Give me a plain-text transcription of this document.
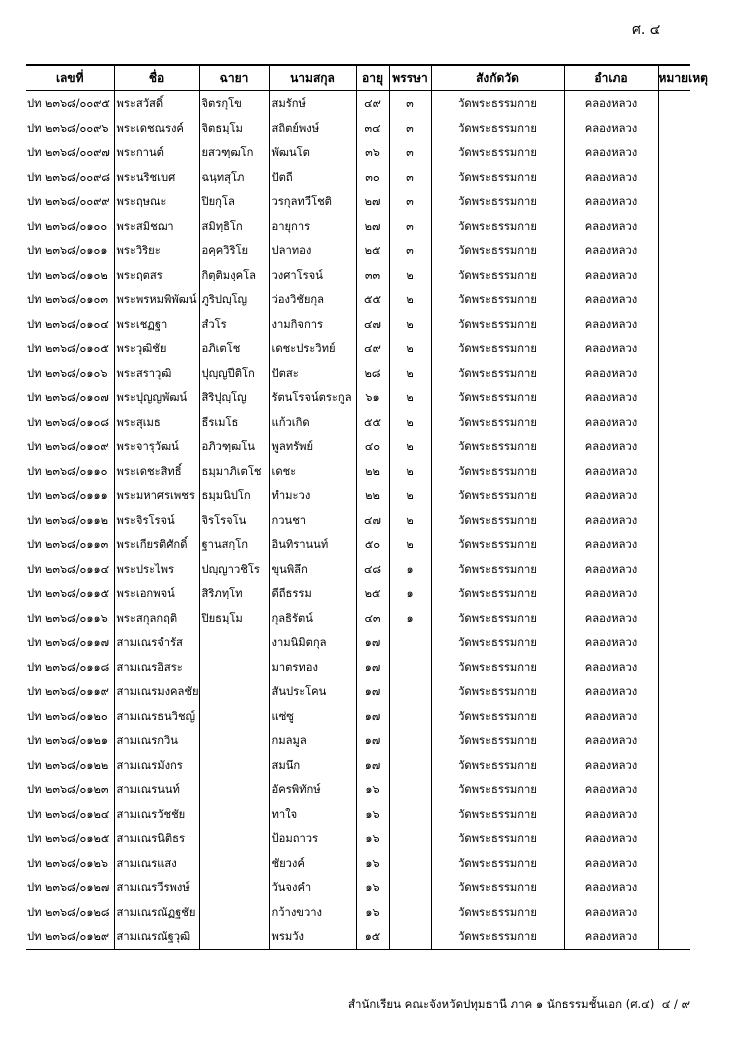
ศ. ๔
เลขที่	ชื่อ	ฉายา	นามสกุล	อายุ	พรรษา	สังกัดวัด	อำเภอ	หมายเหตุ
ปท ๒๓๖๘/๐๐๙๕	พระสวัสดิ์	จิตรกุโข	สมรักษ์	๔๙	๓	วัดพระธรรมกาย	คลองหลวง	
ปท ๒๓๖๘/๐๐๙๖	พระเดชณรงค์	จิตธมฺโม	สถิตย์พงษ์	๓๔	๓	วัดพระธรรมกาย	คลองหลวง	
ปท ๒๓๖๘/๐๐๙๗	พระกานต์	ยสวฑฺฒโก	พัฒนโต	๓๖	๓	วัดพระธรรมกาย	คลองหลวง	
ปท ๒๓๖๘/๐๐๙๘	พระนริชเบศ	ฉนฺทสุโภ	ปัตถี	๓๐	๓	วัดพระธรรมกาย	คลองหลวง	
ปท ๒๓๖๘/๐๐๙๙	พระฤษณะ	ปิยกุโล	วรกุลทวีโชติ	๒๗	๓	วัดพระธรรมกาย	คลองหลวง	
ปท ๒๓๖๘/๐๑๐๐	พระสมิชฌา	สมิทฺธิโก	อายุการ	๒๗	๓	วัดพระธรรมกาย	คลองหลวง	
ปท ๒๓๖๘/๐๑๐๑	พระวิริยะ	อคฺควิริโย	ปลาทอง	๒๕	๓	วัดพระธรรมกาย	คลองหลวง	
ปท ๒๓๖๘/๐๑๐๒	พระฤตสร	กิตฺติมงฺคโล	วงศาโรจน์	๓๓	๒	วัดพระธรรมกาย	คลองหลวง	
ปท ๒๓๖๘/๐๑๐๓	พระพรหมพิพัฒน์	ภูริปญฺโญ	ว่องวิชัยกุล	๕๕	๒	วัดพระธรรมกาย	คลองหลวง	
ปท ๒๓๖๘/๐๑๐๔	พระเชฏฐา	สํวโร	งามกิจการ	๔๗	๒	วัดพระธรรมกาย	คลองหลวง	
ปท ๒๓๖๘/๐๑๐๕	พระวุฒิชัย	อภิเตโช	เดชะประวิทย์	๔๙	๒	วัดพระธรรมกาย	คลองหลวง	
ปท ๒๓๖๘/๐๑๐๖	พระสราวุฒิ	ปุญฺญปีติโก	ปัตสะ	๒๘	๒	วัดพระธรรมกาย	คลองหลวง	
ปท ๒๓๖๘/๐๑๐๗	พระปุญญพัฒน์	สิริปุญฺโญ	รัตนโรจน์ตระกูล	๖๑	๒	วัดพระธรรมกาย	คลองหลวง	
ปท ๒๓๖๘/๐๑๐๘	พระสุเมธ	ธีรเมโธ	แก้วเกิด	๕๕	๒	วัดพระธรรมกาย	คลองหลวง	
ปท ๒๓๖๘/๐๑๐๙	พระจารุวัฒน์	อภิวฑฺฒโน	พูลทรัพย์	๔๐	๒	วัดพระธรรมกาย	คลองหลวง	
ปท ๒๓๖๘/๐๑๑๐	พระเดชะสิทธิ์	ธมฺมาภิเตโช	เดชะ	๒๒	๒	วัดพระธรรมกาย	คลองหลวง	
ปท ๒๓๖๘/๐๑๑๑	พระมหาศรเพชร	ธมฺมนิปโก	ทำมะวง	๒๒	๒	วัดพระธรรมกาย	คลองหลวง	
ปท ๒๓๖๘/๐๑๑๒	พระจิรโรจน์	จิรโรจโน	กวนชา	๔๗	๒	วัดพระธรรมกาย	คลองหลวง	
ปท ๒๓๖๘/๐๑๑๓	พระเกียรติศักดิ์	ฐานสกฺโก	อินทิรานนท์	๕๐	๒	วัดพระธรรมกาย	คลองหลวง	
ปท ๒๓๖๘/๐๑๑๔	พระประไพร	ปญฺญาวชิโร	ขุนพิลึก	๔๘	๑	วัดพระธรรมกาย	คลองหลวง	
ปท ๒๓๖๘/๐๑๑๕	พระเอกพจน์	สิริภทฺโท	ดีถีธรรม	๒๕	๑	วัดพระธรรมกาย	คลองหลวง	
ปท ๒๓๖๘/๐๑๑๖	พระสกุลกฤติ	ปิยธมฺโม	กุลธิรัตน์	๔๓	๑	วัดพระธรรมกาย	คลองหลวง	
ปท ๒๓๖๘/๐๑๑๗	สามเณรจำรัส		งามนิมิตกุล	๑๗		วัดพระธรรมกาย	คลองหลวง	
ปท ๒๓๖๘/๐๑๑๘	สามเณรอิสระ		มาตรทอง	๑๗		วัดพระธรรมกาย	คลองหลวง	
ปท ๒๓๖๘/๐๑๑๙	สามเณรมงคลชัย		สันประโคน	๑๗		วัดพระธรรมกาย	คลองหลวง	
ปท ๒๓๖๘/๐๑๒๐	สามเณรธนวิชญ์		แซ่ซู	๑๗		วัดพระธรรมกาย	คลองหลวง	
ปท ๒๓๖๘/๐๑๒๑	สามเณรกวิน		กมลมูล	๑๗		วัดพระธรรมกาย	คลองหลวง	
ปท ๒๓๖๘/๐๑๒๒	สามเณรมังกร		สมนึก	๑๗		วัดพระธรรมกาย	คลองหลวง	
ปท ๒๓๖๘/๐๑๒๓	สามเณรนนท์		อัครพิทักษ์	๑๖		วัดพระธรรมกาย	คลองหลวง	
ปท ๒๓๖๘/๐๑๒๔	สามเณรวัชชัย		ทาใจ	๑๖		วัดพระธรรมกาย	คลองหลวง	
ปท ๒๓๖๘/๐๑๒๕	สามเณรนิติธร		ป้อมถาวร	๑๖		วัดพระธรรมกาย	คลองหลวง	
ปท ๒๓๖๘/๐๑๒๖	สามเณรแสง		ชัยวงค์	๑๖		วัดพระธรรมกาย	คลองหลวง	
ปท ๒๓๖๘/๐๑๒๗	สามเณรวีรพงษ์		วันจงคำ	๑๖		วัดพระธรรมกาย	คลองหลวง	
ปท ๒๓๖๘/๐๑๒๘	สามเณรณัฏฐชัย		กว้างขวาง	๑๖		วัดพระธรรมกาย	คลองหลวง	
ปท ๒๓๖๘/๐๑๒๙	สามเณรณัฐวุฒิ		พรมวัง	๑๕		วัดพระธรรมกาย	คลองหลวง	
สำนักเรียน คณะจังหวัดปทุมธานี ภาค ๑ นักธรรมชั้นเอก (ศ.๔) ๔ / ๙
